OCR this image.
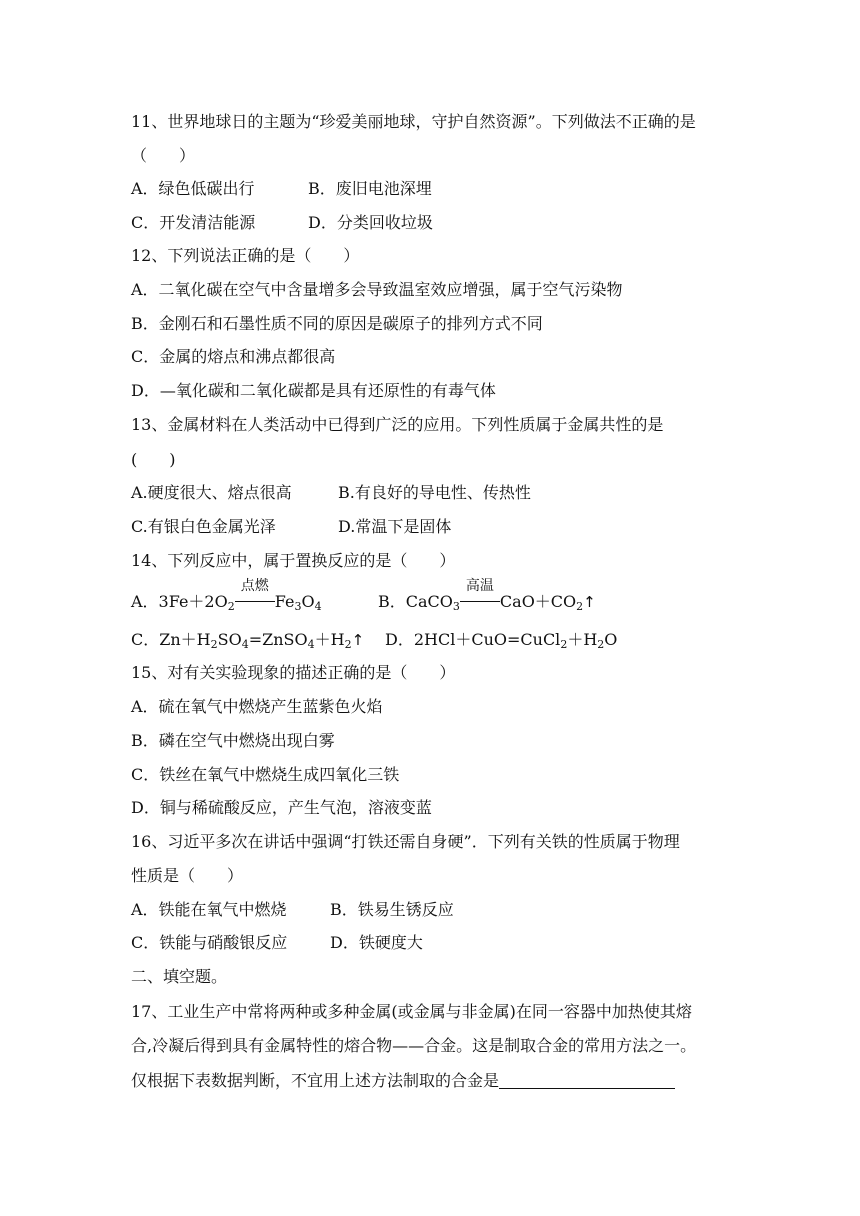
11、世界地球日的主题为“珍爱美丽地球，守护自然资源”。下列做法不正确的是
（　　）
A．绿色低碳出行	B．废旧电池深埋
C．开发清洁能源	D．分类回收垃圾
12、下列说法正确的是（　　）
A．二氧化碳在空气中含量增多会导致温室效应增强，属于空气污染物
B．金刚石和石墨性质不同的原因是碳原子的排列方式不同
C．金属的熔点和沸点都很高
D．—氧化碳和二氧化碳都是具有还原性的有毒气体
13、金属材料在人类活动中已得到广泛的应用。下列性质属于金属共性的是
(　　)
A.硬度很大、熔点很高	B.有良好的导电性、传热性
C.有银白色金属光泽	D.常温下是固体
14、下列反应中，属于置换反应的是（　　）
A．$3Fe+2O_2$
点燃
$Fe_3O_4$	B．CaCO$_3$
高温
$CaO+CO_2↑$
C．$Zn+H_2SO_4=ZnSO_4+H_2↑$ D．$2HCl+CuO=CuCl_2+H_2O$
15、对有关实验现象的描述正确的是（　　）
A．硫在氧气中燃烧产生蓝紫色火焰
B．磷在空气中燃烧出现白雾
C．铁丝在氧气中燃烧生成四氧化三铁
D．铜与稀硫酸反应，产生气泡，溶液变蓝
16、习近平多次在讲话中强调“打铁还需自身硬”．下列有关铁的性质属于物理
性质是（　　）
A．铁能在氧气中燃烧	B．铁易生锈反应
C．铁能与硝酸银反应	D．铁硬度大
二、填空题。
17、工业生产中常将两种或多种金属(或金属与非金属)在同一容器中加热使其熔
合,冷凝后得到具有金属特性的熔合物——合金。这是制取合金的常用方法之一。
仅根据下表数据判断，不宜用上述方法制取的合金是
